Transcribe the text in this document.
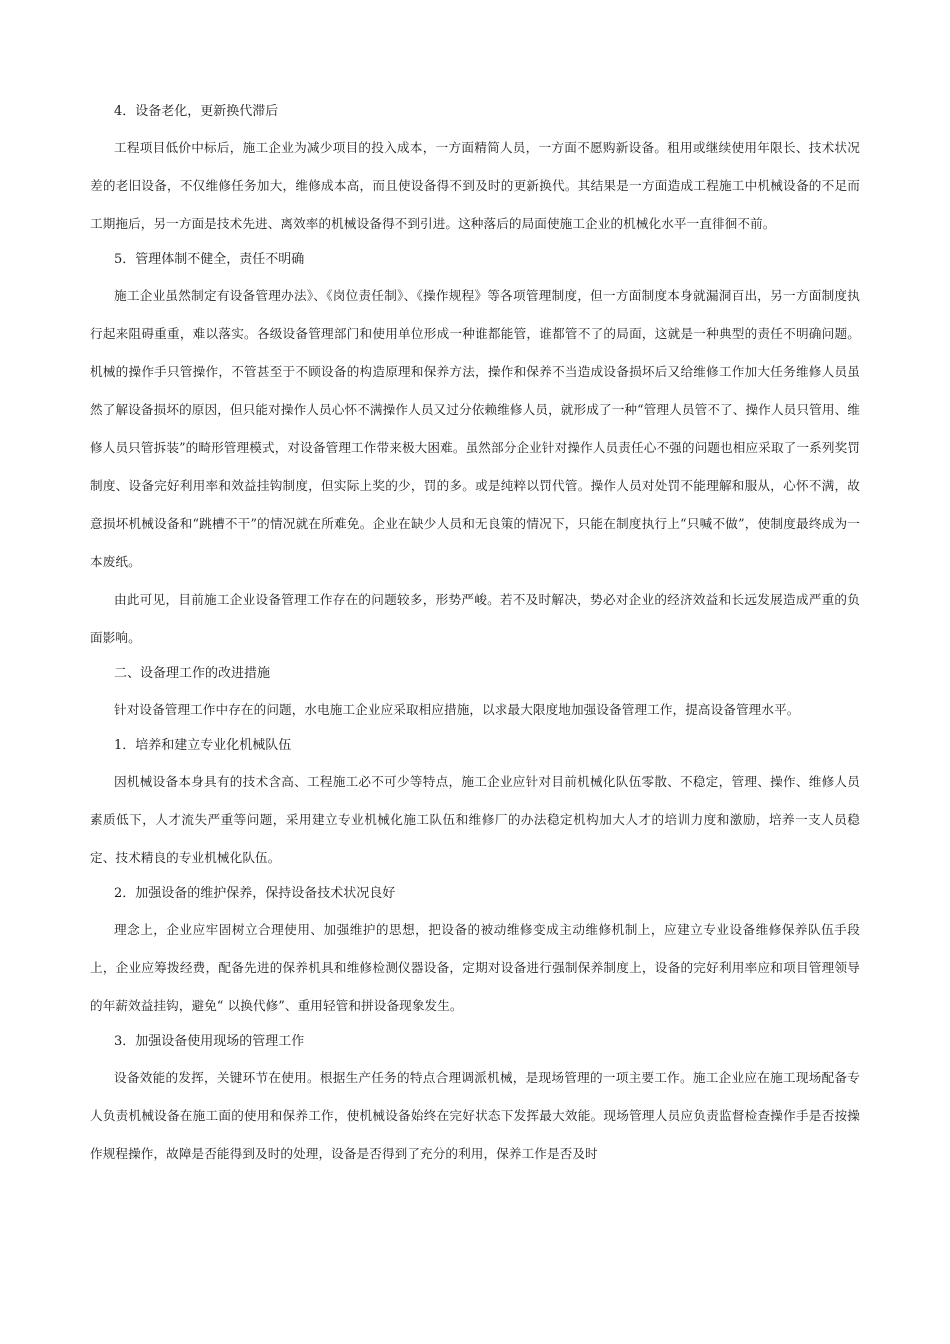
4．设备老化，更新换代滞后

工程项目低价中标后，施工企业为减少项目的投入成本，一方面精简人员，一方面不愿购新设备。租用或继续使用年限长、技术状况差的老旧设备，不仅维修任务加大，维修成本高，而且使设备得不到及时的更新换代。其结果是一方面造成工程施工中机械设备的不足而工期拖后，另一方面是技术先进、离效率的机械设备得不到引进。这种落后的局面使施工企业的机械化水平一直徘徊不前。

5．管理体制不健全，责任不明确

施工企业虽然制定有设备管理办法》、《岗位责任制》、《操作规程》等各项管理制度，但一方面制度本身就漏洞百出，另一方面制度执行起来阻碍重重，难以落实。各级设备管理部门和使用单位形成一种谁都能管，谁都管不了的局面，这就是一种典型的责任不明确问题。机械的操作手只管操作，不管甚至于不顾设备的构造原理和保养方法，操作和保养不当造成设备损坏后又给维修工作加大任务维修人员虽然了解设备损坏的原因，但只能对操作人员心怀不满操作人员又过分依赖维修人员，就形成了一种“管理人员管不了、操作人员只管用、维修人员只管拆装”的畸形管理模式，对设备管理工作带来极大困难。虽然部分企业针对操作人员责任心不强的问题也相应采取了一系列奖罚制度、设备完好利用率和效益挂钩制度，但实际上奖的少，罚的多。或是纯粹以罚代管。操作人员对处罚不能理解和服从，心怀不满，故意损坏机械设备和“跳槽不干”的情况就在所难免。企业在缺少人员和无良策的情况下，只能在制度执行上“只喊不做”，使制度最终成为一本废纸。

由此可见，目前施工企业设备管理工作存在的问题较多，形势严峻。若不及时解决，势必对企业的经济效益和长远发展造成严重的负面影响。

二、设备理工作的改进措施

针对设备管理工作中存在的问题，水电施工企业应采取相应措施，以求最大限度地加强设备管理工作，提高设备管理水平。

1．培养和建立专业化机械队伍

因机械设备本身具有的技术含高、工程施工必不可少等特点，施工企业应针对目前机械化队伍零散、不稳定，管理、操作、维修人员素质低下，人才流失严重等问题，采用建立专业机械化施工队伍和维修厂的办法稳定机构加大人才的培训力度和激励，培养一支人员稳定、技术精良的专业机械化队伍。

2．加强设备的维护保养，保持设备技术状况良好

理念上，企业应牢固树立合理使用、加强维护的思想，把设备的被动维修变成主动维修机制上，应建立专业设备维修保养队伍手段上，企业应筹拨经费，配备先进的保养机具和维修检测仪器设备，定期对设备进行强制保养制度上，设备的完好利用率应和项目管理领导的年薪效益挂钩，避免“ 以换代修”、重用轻管和拼设备现象发生。

3．加强设备使用现场的管理工作

设备效能的发挥，关键环节在使用。根据生产任务的特点合理调派机械，是现场管理的一项主要工作。施工企业应在施工现场配备专人负责机械设备在施工面的使用和保养工作，使机械设备始终在完好状态下发挥最大效能。现场管理人员应负责监督检查操作手是否按操作规程操作，故障是否能得到及时的处理，设备是否得到了充分的利用，保养工作是否及时
